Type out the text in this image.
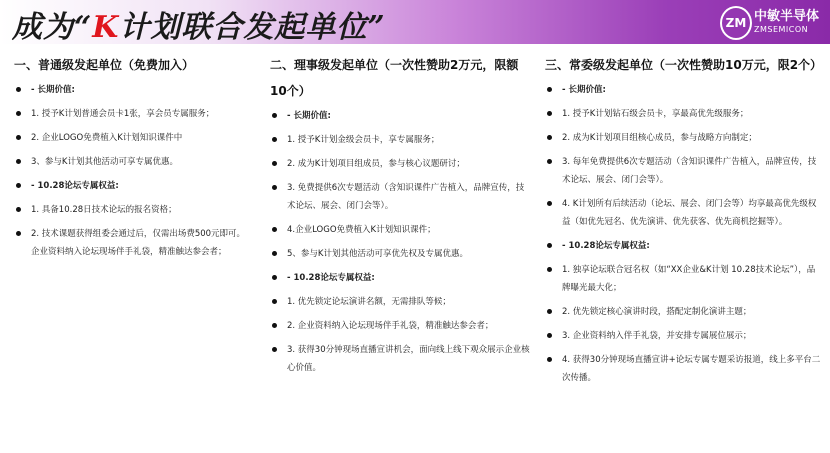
成为“K计划联合发起单位”	ZM 中敏半导体
ZMSEMICON
一、普通级发起单位（免费加入）
- 长期价值:
1. 授予K计划普通会员卡1张，享会员专属服务；
2. 企业LOGO免费植入K计划知识课件中
3、参与K计划其他活动可享专属优惠。
- 10.28论坛专属权益:
1. 具备10.28日技术论坛的报名资格；
2. 技术课题获得组委会通过后，仅需出场费500元即可。企业资料纳入论坛现场伴手礼袋，精准触达参会者；
二、理事级发起单位（一次性赞助2万元，限额10个）
- 长期价值:
1. 授予K计划金级会员卡，享专属服务；
2. 成为K计划项目组成员，参与核心议题研讨；
3. 免费提供6次专题活动（含知识课件广告植入，品牌宣传，技术论坛、展会、闭门会等）。
4.企业LOGO免费植入K计划知识课件；
5、参与K计划其他活动可享优先权及专属优惠。
- 10.28论坛专属权益:
1. 优先锁定论坛演讲名额，无需排队等候；
2. 企业资料纳入论坛现场伴手礼袋，精准触达参会者；
3. 获得30分钟现场直播宣讲机会，面向线上线下观众展示企业核心价值。
三、常委级发起单位（一次性赞助10万元，限2个）
- 长期价值:
1. 授予K计划钻石级会员卡，享最高优先级服务；
2. 成为K计划项目组核心成员，参与战略方向制定；
3. 每年免费提供6次专题活动（含知识课件广告植入，品牌宣传，技术论坛、展会、闭门会等）。
4. K计划所有后续活动（论坛、展会、闭门会等）均享最高优先级权益（如优先冠名、优先演讲、优先获客、优先商机挖掘等）。
- 10.28论坛专属权益:
1. 独享论坛联合冠名权（如“XX企业&K计划 10.28技术论坛”），品牌曝光最大化；
2. 优先锁定核心演讲时段，搭配定制化演讲主题；
3. 企业资料纳入伴手礼袋，并安排专属展位展示；
4. 获得30分钟现场直播宣讲+论坛专属专题采访报道，线上多平台二次传播。
